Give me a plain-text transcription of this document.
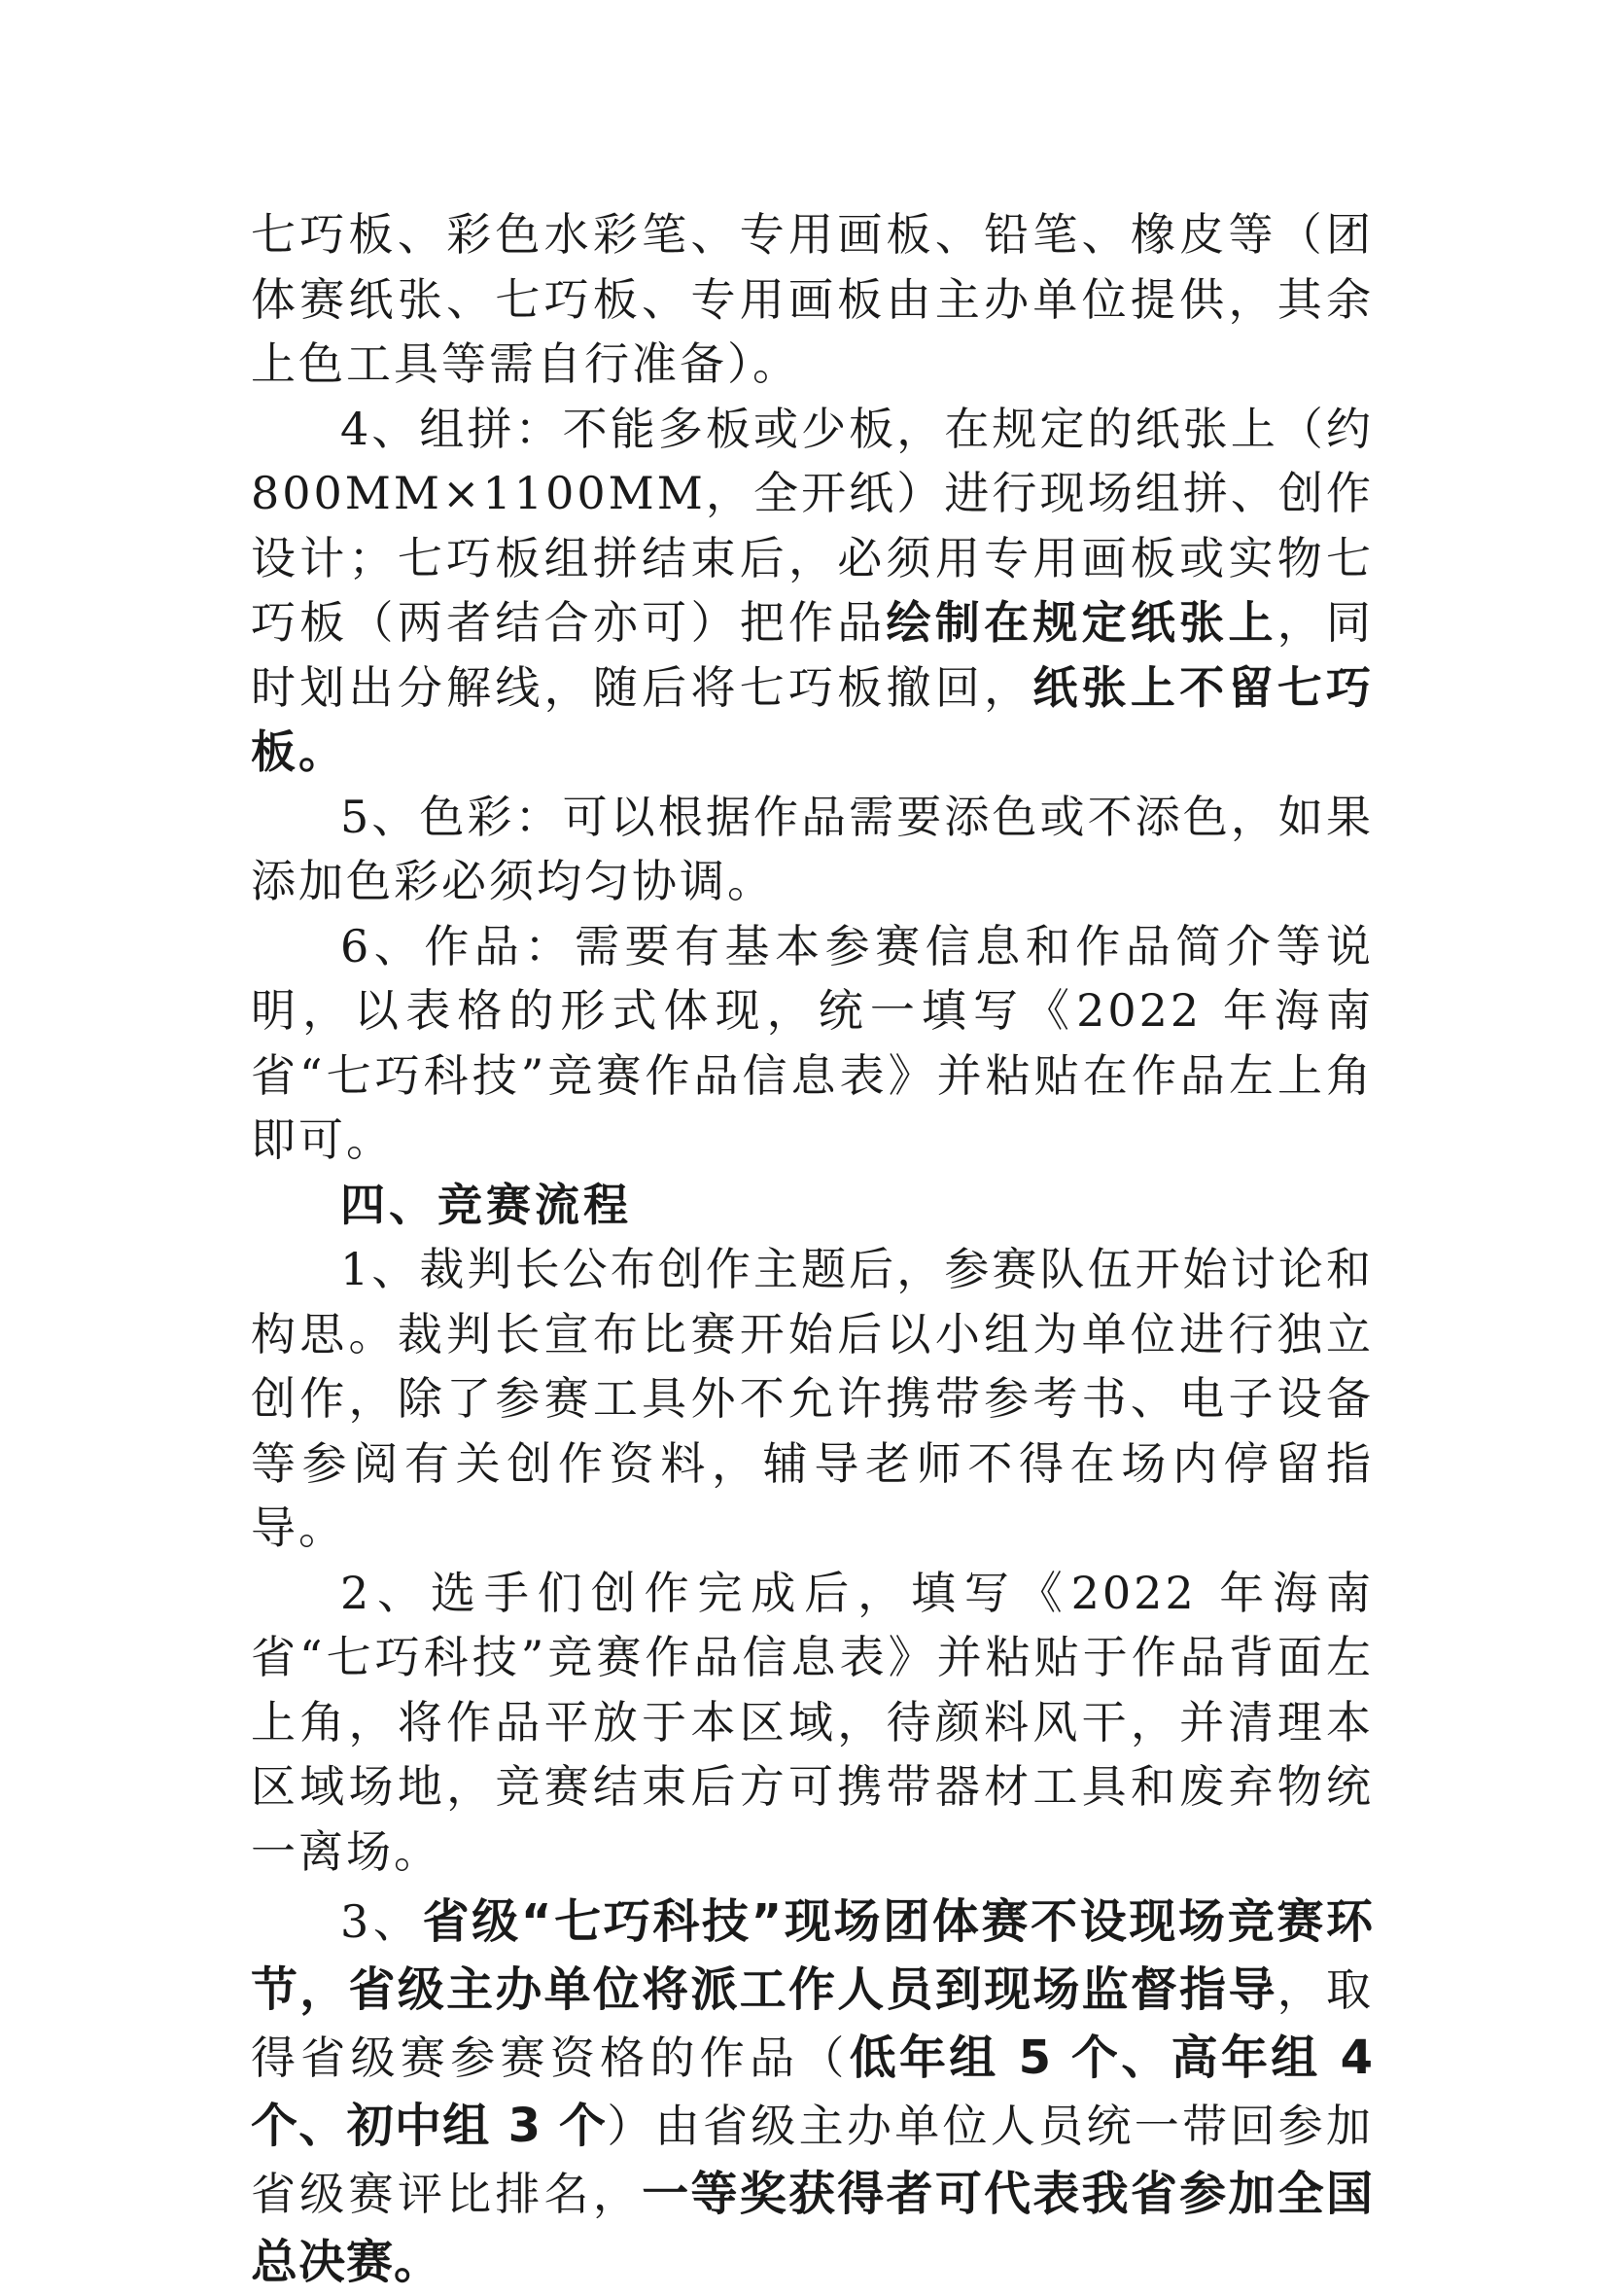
七巧板、彩色水彩笔、专用画板、铅笔、橡皮等（团体赛纸张、七巧板、专用画板由主办单位提供，其余上色工具等需自行准备）。

4、组拼：不能多板或少板，在规定的纸张上（约 800MM×1100MM，全开纸）进行现场组拼、创作设计；七巧板组拼结束后，必须用专用画板或实物七巧板（两者结合亦可）把作品绘制在规定纸张上，同时划出分解线，随后将七巧板撤回，纸张上不留七巧板。

5、色彩：可以根据作品需要添色或不添色，如果添加色彩必须均匀协调。

6、作品：需要有基本参赛信息和作品简介等说明，以表格的形式体现，统一填写《2022 年海南省“七巧科技”竞赛作品信息表》并粘贴在作品左上角即可。

四、竞赛流程

1、裁判长公布创作主题后，参赛队伍开始讨论和构思。裁判长宣布比赛开始后以小组为单位进行独立创作，除了参赛工具外不允许携带参考书、电子设备等参阅有关创作资料，辅导老师不得在场内停留指导。

2、选手们创作完成后，填写《2022 年海南省“七巧科技”竞赛作品信息表》并粘贴于作品背面左上角，将作品平放于本区域，待颜料风干，并清理本区域场地，竞赛结束后方可携带器材工具和废弃物统一离场。

3、省级“七巧科技”现场团体赛不设现场竞赛环节，省级主办单位将派工作人员到现场监督指导，取得省级赛参赛资格的作品（低年组 5 个、高年组 4 个、初中组 3 个）由省级主办单位人员统一带回参加省级赛评比排名，一等奖获得者可代表我省参加全国总决赛。
